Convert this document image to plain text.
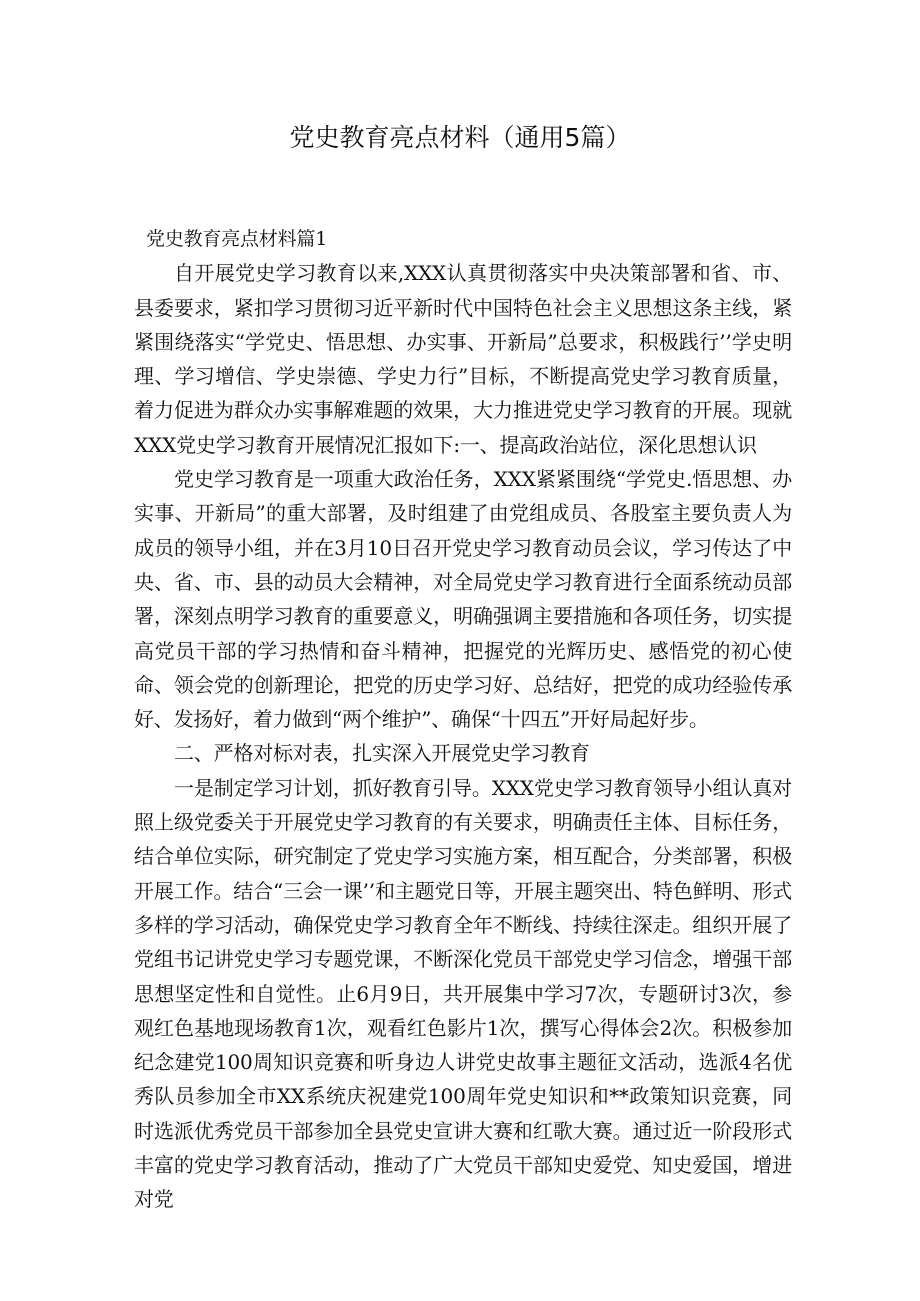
党史教育亮点材料（通用5篇）

党史教育亮点材料篇1

自开展党史学习教育以来,XXX认真贯彻落实中央决策部署和省、市、县委要求，紧扣学习贯彻习近平新时代中国特色社会主义思想这条主线，紧紧围绕落实“学党史、悟思想、办实事、开新局”总要求，积极践行’’学史明理、学习增信、学史崇德、学史力行”目标，不断提高党史学习教育质量，着力促进为群众办实事解难题的效果，大力推进党史学习教育的开展。现就XXX党史学习教育开展情况汇报如下:一、提高政治站位，深化思想认识

党史学习教育是一项重大政治任务，XXX紧紧围绕“学党史.悟思想、办实事、开新局”的重大部署，及时组建了由党组成员、各股室主要负责人为成员的领导小组，并在3月10日召开党史学习教育动员会议，学习传达了中央、省、市、县的动员大会精神，对全局党史学习教育进行全面系统动员部署，深刻点明学习教育的重要意义，明确强调主要措施和各项任务，切实提高党员干部的学习热情和奋斗精神，把握党的光辉历史、感悟党的初心使命、领会党的创新理论，把党的历史学习好、总结好，把党的成功经验传承好、发扬好，着力做到“两个维护”、确保“十四五”开好局起好步。

二、严格对标对表，扎实深入开展党史学习教育

一是制定学习计划，抓好教育引导。XXX党史学习教育领导小组认真对照上级党委关于开展党史学习教育的有关要求，明确责任主体、目标任务，结合单位实际，研究制定了党史学习实施方案，相互配合，分类部署，积极开展工作。结合“三会一课’’和主题党日等，开展主题突出、特色鲜明、形式多样的学习活动，确保党史学习教育全年不断线、持续往深走。组织开展了党组书记讲党史学习专题党课，不断深化党员干部党史学习信念，增强干部思想坚定性和自觉性。止6月9日，共开展集中学习7次，专题研讨3次，参观红色基地现场教育1次，观看红色影片1次，撰写心得体会2次。积极参加纪念建党100周知识竞赛和听身边人讲党史故事主题征文活动，选派4名优秀队员参加全市XX系统庆祝建党100周年党史知识和**政策知识竞赛，同时选派优秀党员干部参加全县党史宣讲大赛和红歌大赛。通过近一阶段形式丰富的党史学习教育活动，推动了广大党员干部知史爱党、知史爱国，增进对党
